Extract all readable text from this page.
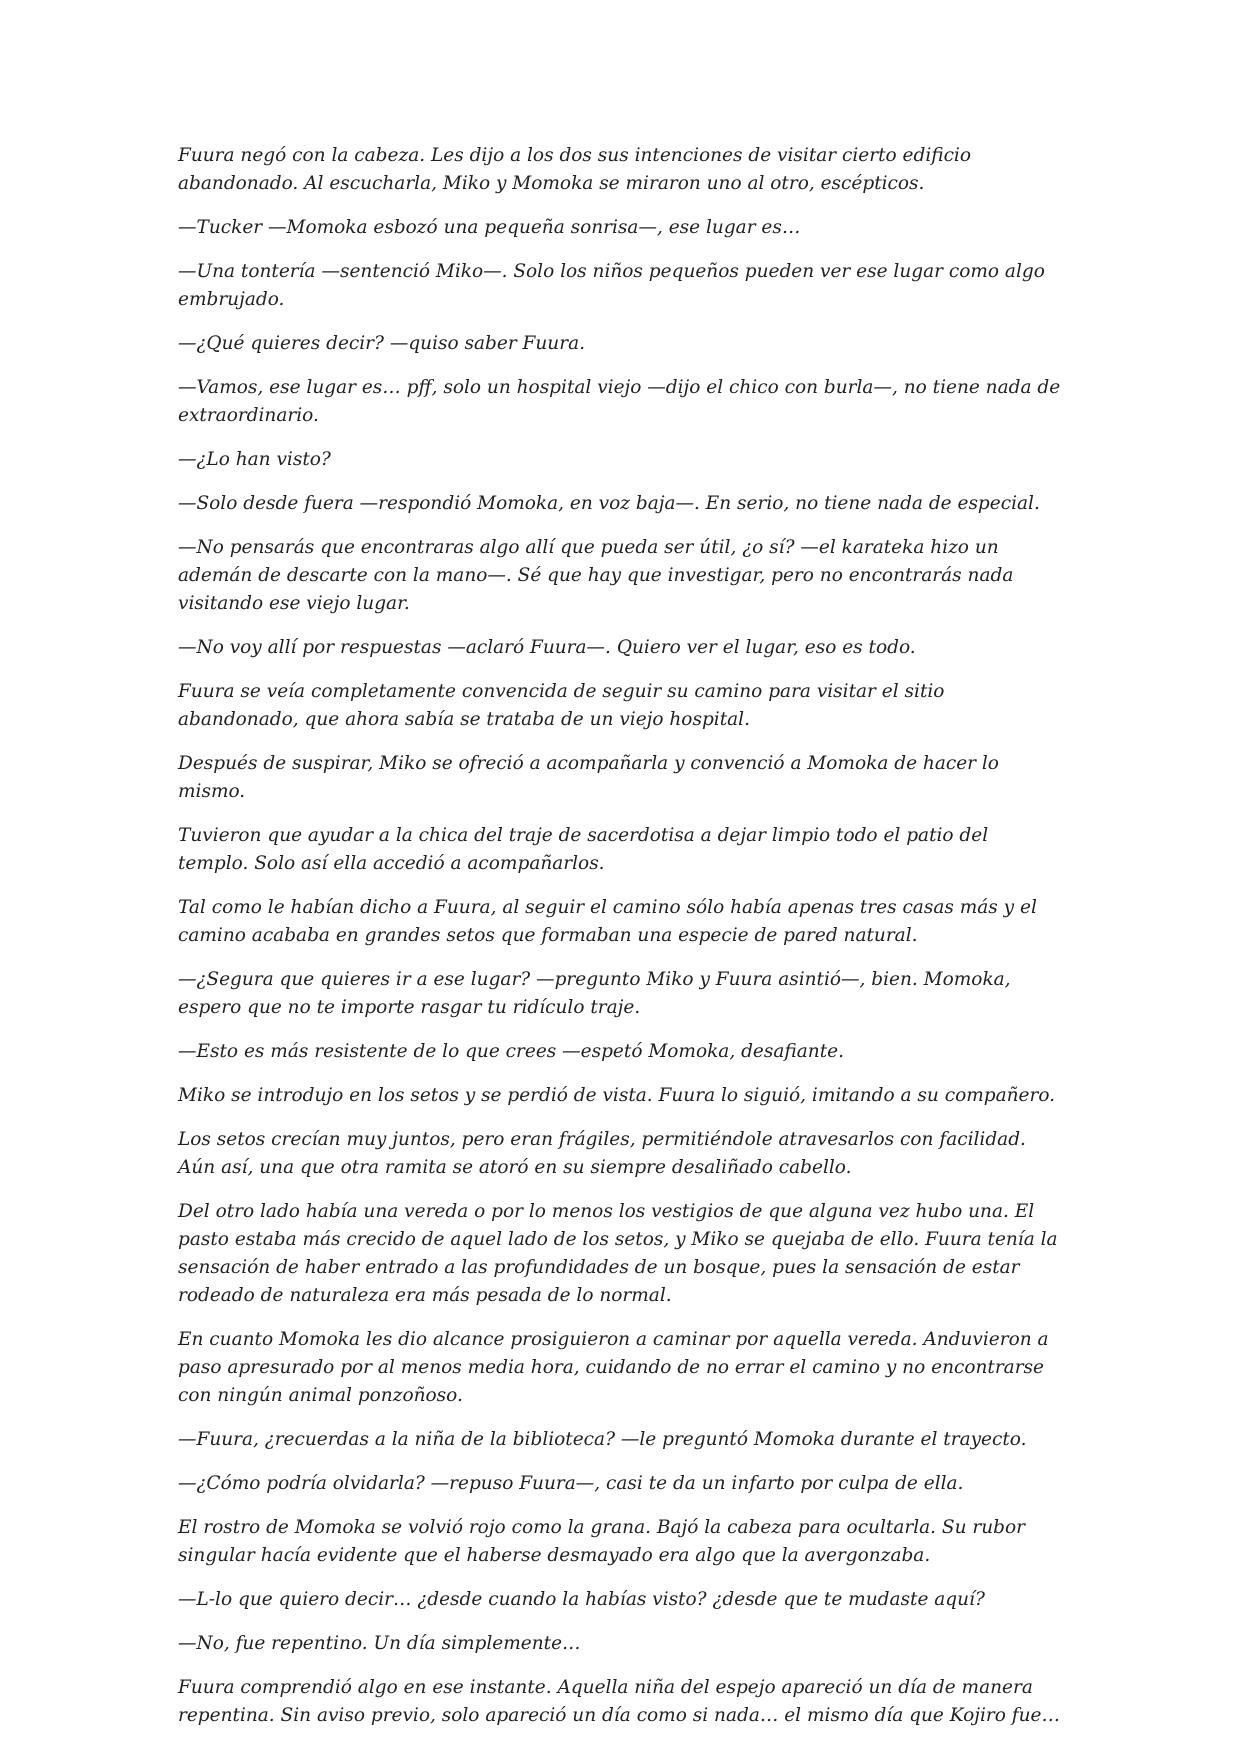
Fuura negó con la cabeza. Les dijo a los dos sus intenciones de visitar cierto edificio abandonado. Al escucharla, Miko y Momoka se miraron uno al otro, escépticos.

—Tucker —Momoka esbozó una pequeña sonrisa—, ese lugar es…

—Una tontería —sentenció Miko—. Solo los niños pequeños pueden ver ese lugar como algo embrujado.

—¿Qué quieres decir? —quiso saber Fuura.

—Vamos, ese lugar es… pff, solo un hospital viejo —dijo el chico con burla—, no tiene nada de extraordinario.

—¿Lo han visto?

—Solo desde fuera —respondió Momoka, en voz baja—. En serio, no tiene nada de especial.

—No pensarás que encontraras algo allí que pueda ser útil, ¿o sí? —el karateka hizo un ademán de descarte con la mano—. Sé que hay que investigar, pero no encontrarás nada visitando ese viejo lugar.

—No voy allí por respuestas —aclaró Fuura—. Quiero ver el lugar, eso es todo.

Fuura se veía completamente convencida de seguir su camino para visitar el sitio abandonado, que ahora sabía se trataba de un viejo hospital.

Después de suspirar, Miko se ofreció a acompañarla y convenció a Momoka de hacer lo mismo.

Tuvieron que ayudar a la chica del traje de sacerdotisa a dejar limpio todo el patio del templo. Solo así ella accedió a acompañarlos.

Tal como le habían dicho a Fuura, al seguir el camino sólo había apenas tres casas más y el camino acababa en grandes setos que formaban una especie de pared natural.

—¿Segura que quieres ir a ese lugar? —pregunto Miko y Fuura asintió—, bien. Momoka, espero que no te importe rasgar tu ridículo traje.

—Esto es más resistente de lo que crees —espetó Momoka, desafiante.

Miko se introdujo en los setos y se perdió de vista. Fuura lo siguió, imitando a su compañero.

Los setos crecían muy juntos, pero eran frágiles, permitiéndole atravesarlos con facilidad. Aún así, una que otra ramita se atoró en su siempre desaliñado cabello.

Del otro lado había una vereda o por lo menos los vestigios de que alguna vez hubo una. El pasto estaba más crecido de aquel lado de los setos, y Miko se quejaba de ello. Fuura tenía la sensación de haber entrado a las profundidades de un bosque, pues la sensación de estar rodeado de naturaleza era más pesada de lo normal.

En cuanto Momoka les dio alcance prosiguieron a caminar por aquella vereda. Anduvieron a paso apresurado por al menos media hora, cuidando de no errar el camino y no encontrarse con ningún animal ponzoñoso.

—Fuura, ¿recuerdas a la niña de la biblioteca? —le preguntó Momoka durante el trayecto.

—¿Cómo podría olvidarla? —repuso Fuura—, casi te da un infarto por culpa de ella.

El rostro de Momoka se volvió rojo como la grana. Bajó la cabeza para ocultarla. Su rubor singular hacía evidente que el haberse desmayado era algo que la avergonzaba.

—L-lo que quiero decir… ¿desde cuando la habías visto? ¿desde que te mudaste aquí?

—No, fue repentino. Un día simplemente…

Fuura comprendió algo en ese instante. Aquella niña del espejo apareció un día de manera repentina. Sin aviso previo, solo apareció un día como si nada… el mismo día que Kojiro fue…
